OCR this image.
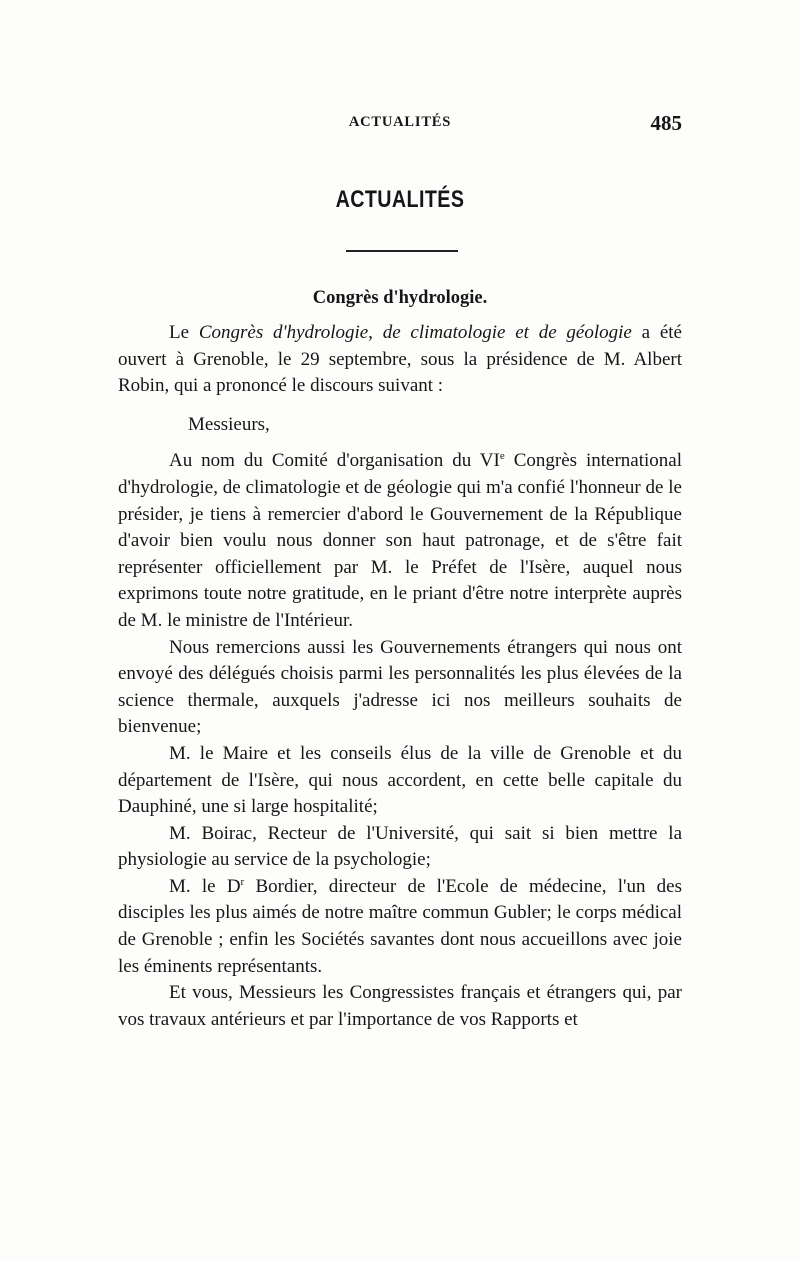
ACTUALITÉS	485
ACTUALITÉS
Congrès d'hydrologie.

Le Congrès d'hydrologie, de climatologie et de géologie a été ouvert à Grenoble, le 29 septembre, sous la présidence de M. Albert Robin, qui a prononcé le discours suivant :

Messieurs,

Au nom du Comité d'organisation du VIe Congrès international d'hydrologie, de climatologie et de géologie qui m'a confié l'honneur de le présider, je tiens à remercier d'abord le Gouvernement de la République d'avoir bien voulu nous donner son haut patronage, et de s'être fait représenter officiellement par M. le Préfet de l'Isère, auquel nous exprimons toute notre gratitude, en le priant d'être notre interprète auprès de M. le ministre de l'Intérieur.

Nous remercions aussi les Gouvernements étrangers qui nous ont envoyé des délégués choisis parmi les personnalités les plus élevées de la science thermale, auxquels j'adresse ici nos meilleurs souhaits de bienvenue;

M. le Maire et les conseils élus de la ville de Grenoble et du département de l'Isère, qui nous accordent, en cette belle capitale du Dauphiné, une si large hospitalité;

M. Boirac, Recteur de l'Université, qui sait si bien mettre la physiologie au service de la psychologie;

M. le $D^r$ Bordier, directeur de l'Ecole de médecine, l'un des disciples les plus aimés de notre maître commun Gubler; le corps médical de Grenoble ; enfin les Sociétés savantes dont nous accueillons avec joie les éminents représentants.

Et vous, Messieurs les Congressistes français et étrangers qui, par vos travaux antérieurs et par l'importance de vos Rapports et
